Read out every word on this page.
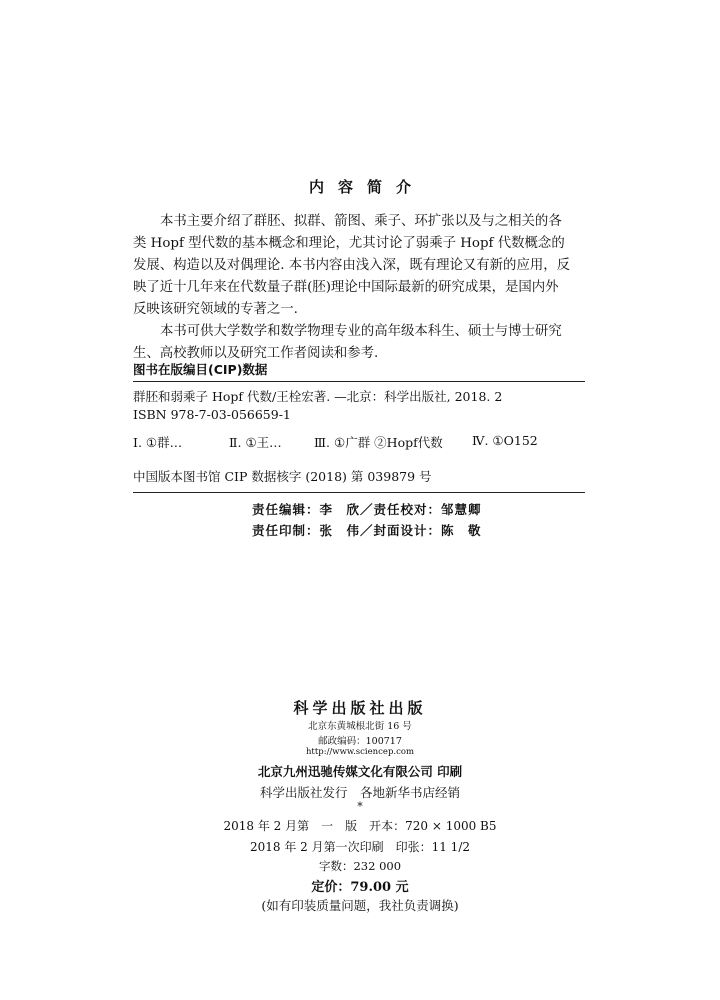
内容简介
本书主要介绍了群胚、拟群、箭图、乘子、环扩张以及与之相关的各
类 Hopf 型代数的基本概念和理论，尤其讨论了弱乘子 Hopf 代数概念的
发展、构造以及对偶理论. 本书内容由浅入深，既有理论又有新的应用，反
映了近十几年来在代数量子群(胚)理论中国际最新的研究成果，是国内外
反映该研究领域的专著之一.
本书可供大学数学和数学物理专业的高年级本科生、硕士与博士研究
生、高校教师以及研究工作者阅读和参考.
图书在版编目(CIP)数据
群胚和弱乘子 Hopf 代数/王栓宏著. —北京：科学出版社, 2018. 2
ISBN 978-7-03-056659-1
Ⅰ. ①群…	Ⅱ. ①王…	Ⅲ. ①广群 ②Hopf代数 Ⅳ. ①O152
中国版本图书馆 CIP 数据核字 (2018) 第 039879 号
责任编辑：李　欣／责任校对：邹慧卿
责任印制：张　伟／封面设计：陈　敬
科学出版社出版
北京东黄城根北街 16 号
邮政编码：100717
http://www.sciencep.com
北京九州迅驰传媒文化有限公司 印刷
科学出版社发行　各地新华书店经销
*
2018 年 2 月第　一　版　开本：720 × 1000 B5
2018 年 2 月第一次印刷　印张：11 1/2
字数：232 000
定价：79.00 元
(如有印装质量问题，我社负责调换)
